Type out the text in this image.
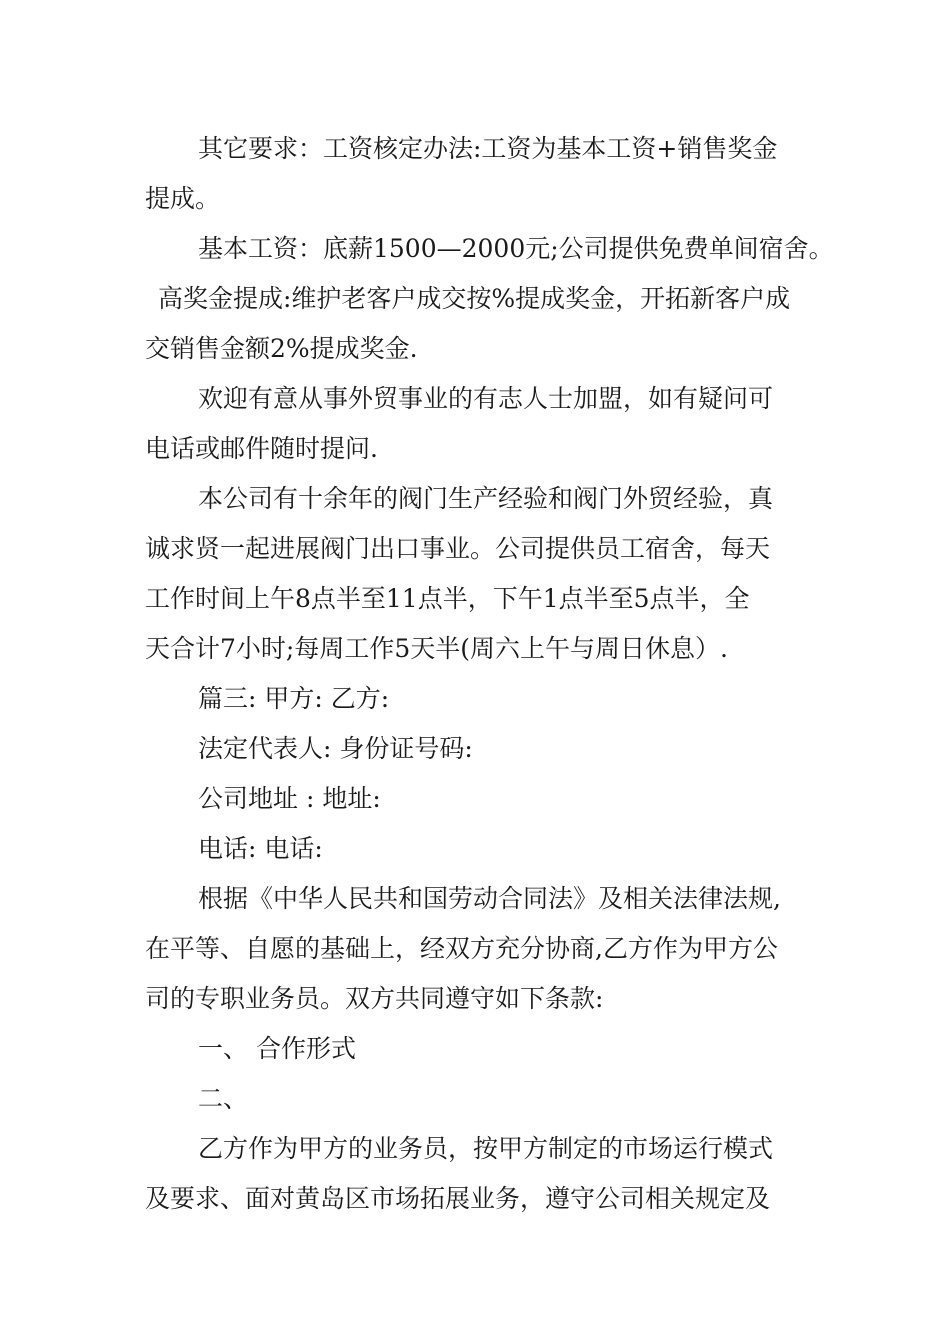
其它要求：工资核定办法:工资为基本工资+销售奖金
提成。
基本工资：底薪1500—2000元;公司提供免费单间宿舍。
高奖金提成:维护老客户成交按%提成奖金，开拓新客户成
交销售金额2%提成奖金.
欢迎有意从事外贸事业的有志人士加盟，如有疑问可
电话或邮件随时提问.
本公司有十余年的阀门生产经验和阀门外贸经验，真
诚求贤一起进展阀门出口事业。公司提供员工宿舍，每天
工作时间上午8点半至11点半，下午1点半至5点半，全
天合计7小时;每周工作5天半(周六上午与周日休息）.
篇三: 甲方: 乙方:
法定代表人: 身份证号码:
公司地址 : 地址:
电话: 电话:
根据《中华人民共和国劳动合同法》及相关法律法规,
在平等、自愿的基础上，经双方充分协商,乙方作为甲方公
司的专职业务员。双方共同遵守如下条款:
一、 合作形式
二、
乙方作为甲方的业务员，按甲方制定的市场运行模式
及要求、面对黄岛区市场拓展业务，遵守公司相关规定及
